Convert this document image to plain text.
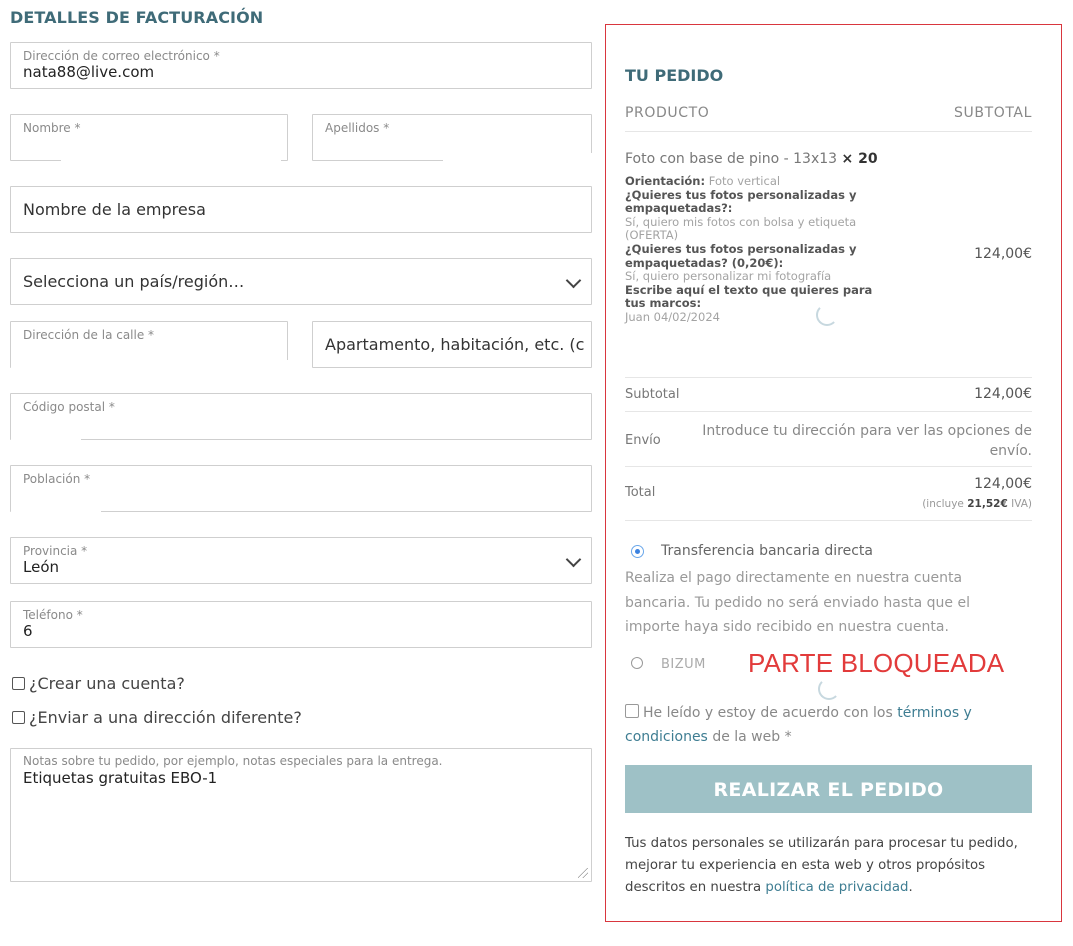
DETALLES DE FACTURACIÓN
Dirección de correo electrónico *
nata88@live.com
Nombre *	Apellidos *
Nombre de la empresa
Selecciona un país/región…
Dirección de la calle *	Apartamento, habitación, etc. (c
Código postal *
Población *
Provincia *
León
Teléfono *
6
¿Crear una cuenta?
¿Enviar a una dirección diferente?
Notas sobre tu pedido, por ejemplo, notas especiales para la entrega.
Etiquetas gratuitas EBO-1
TU PEDIDO
PRODUCTO	SUBTOTAL
Foto con base de pino - 13x13 × 20
Orientación: Foto vertical
¿Quieres tus fotos personalizadas y empaquetadas?:
Sí, quiero mis fotos con bolsa y etiqueta (OFERTA)
¿Quieres tus fotos personalizadas y empaquetadas? (0,20€):
Sí, quiero personalizar mi fotografía
Escribe aquí el texto que quieres para tus marcos:
Juan 04/02/2024
124,00€
Subtotal	124,00€
Envío
Introduce tu dirección para ver las opciones de envío.
Total
124,00€
(incluye 21,52€ IVA)
Transferencia bancaria directa
Realiza el pago directamente en nuestra cuenta bancaria. Tu pedido no será enviado hasta que el importe haya sido recibido en nuestra cuenta.
BIZUM PARTE BLOQUEADA
He leído y estoy de acuerdo con los términos y condiciones de la web *
REALIZAR EL PEDIDO
Tus datos personales se utilizarán para procesar tu pedido, mejorar tu experiencia en esta web y otros propósitos descritos en nuestra política de privacidad.
